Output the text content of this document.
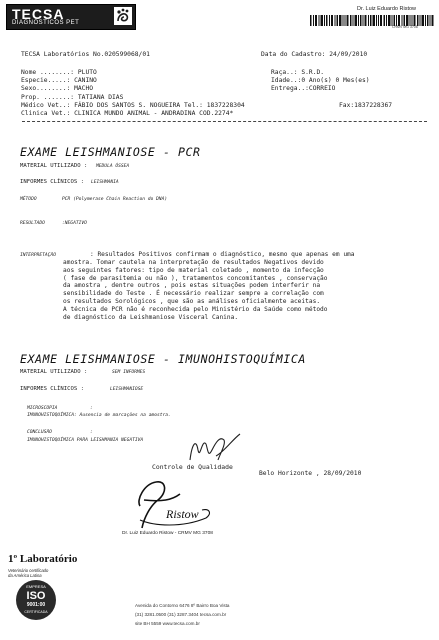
TECSA
DIAGNOSTICOS PET
Dr. Luiz Eduardo Ristow
CRMV MG 3708
TECSA Laboratórios No.020599068/01	Data do Cadastro: 24/09/2010
Nome ........: PLUTO
Especie.....: CANINO
Sexo........: MACHO
Prop. .......: TATIANA DIAS
Médico Vet..: FÁBIO DOS SANTOS S. NOGUEIRA Tel.: 1837228304	Fax:1837228367
Clinica Vet.: CLINICA MUNDO ANIMAL - ANDRADINA COD.2274*
Raça..: S.R.D.
Idade..:0 Ano(s) 0 Mes(es)
Entrega..:CORREIO
EXAME LEISHMANIOSE - PCR
MATERIAL UTILIZADO : MEDULA ÓSSEA
INFORMES CLÍNICOS : LEISHMANIA
MÉTODO	PCR (Polymerase Chain Reaction do DNA)
RESULTADO	:NEGATIVO
INTERPRETAÇÃO	: Resultados Positivos confirmam o diagnóstico, mesmo que apenas em uma
amostra. Tomar cautela na interpretação de resultados Negativos devido
aos seguintes fatores: tipo de material coletado , momento da infecção
( fase de parasitemia ou não ), tratamentos concomitantes , conservação
da amostra , dentre outros , pois estas situações podem interferir na
sensibilidade do Teste . É necessário realizar sempre a correlação com
os resultados Sorológicos , que são as análises oficialmente aceitas.
A técnica de PCR não é reconhecida pelo Ministério da Saúde como método
de diagnóstico da Leishmaniose Visceral Canina.
EXAME LEISHMANIOSE - IMUNOHISTOQUÍMICA
MATERIAL UTILIZADO :	SEM INFORMES
INFORMES CLÍNICOS :	LEISHMANIOSE
MICROSCOPIA	:
IMUNOHISTOQUÍMICA: Ausencia de marcações na amostra.
CONCLUSÃO	:
IMUNOHISTOQUÍMICA PARA LEISHMANIA NEGATIVA
Controle de Qualidade
Belo Horizonte , 28/09/2010
Ristow
Dr. Luiz Eduardo Ristow - CRMV MG 3708
1º Laboratório
Veterinário certificado
da América Latina
EMPRESA
ISO
9001:00
CERTIFICADA
Avenida do Contorno 6476 8º Bairro Boa Vista
(31) 3281.0500 (31) 3287.3404 tecsa.com.br
site BH 5559 www.tecsa.com.br
